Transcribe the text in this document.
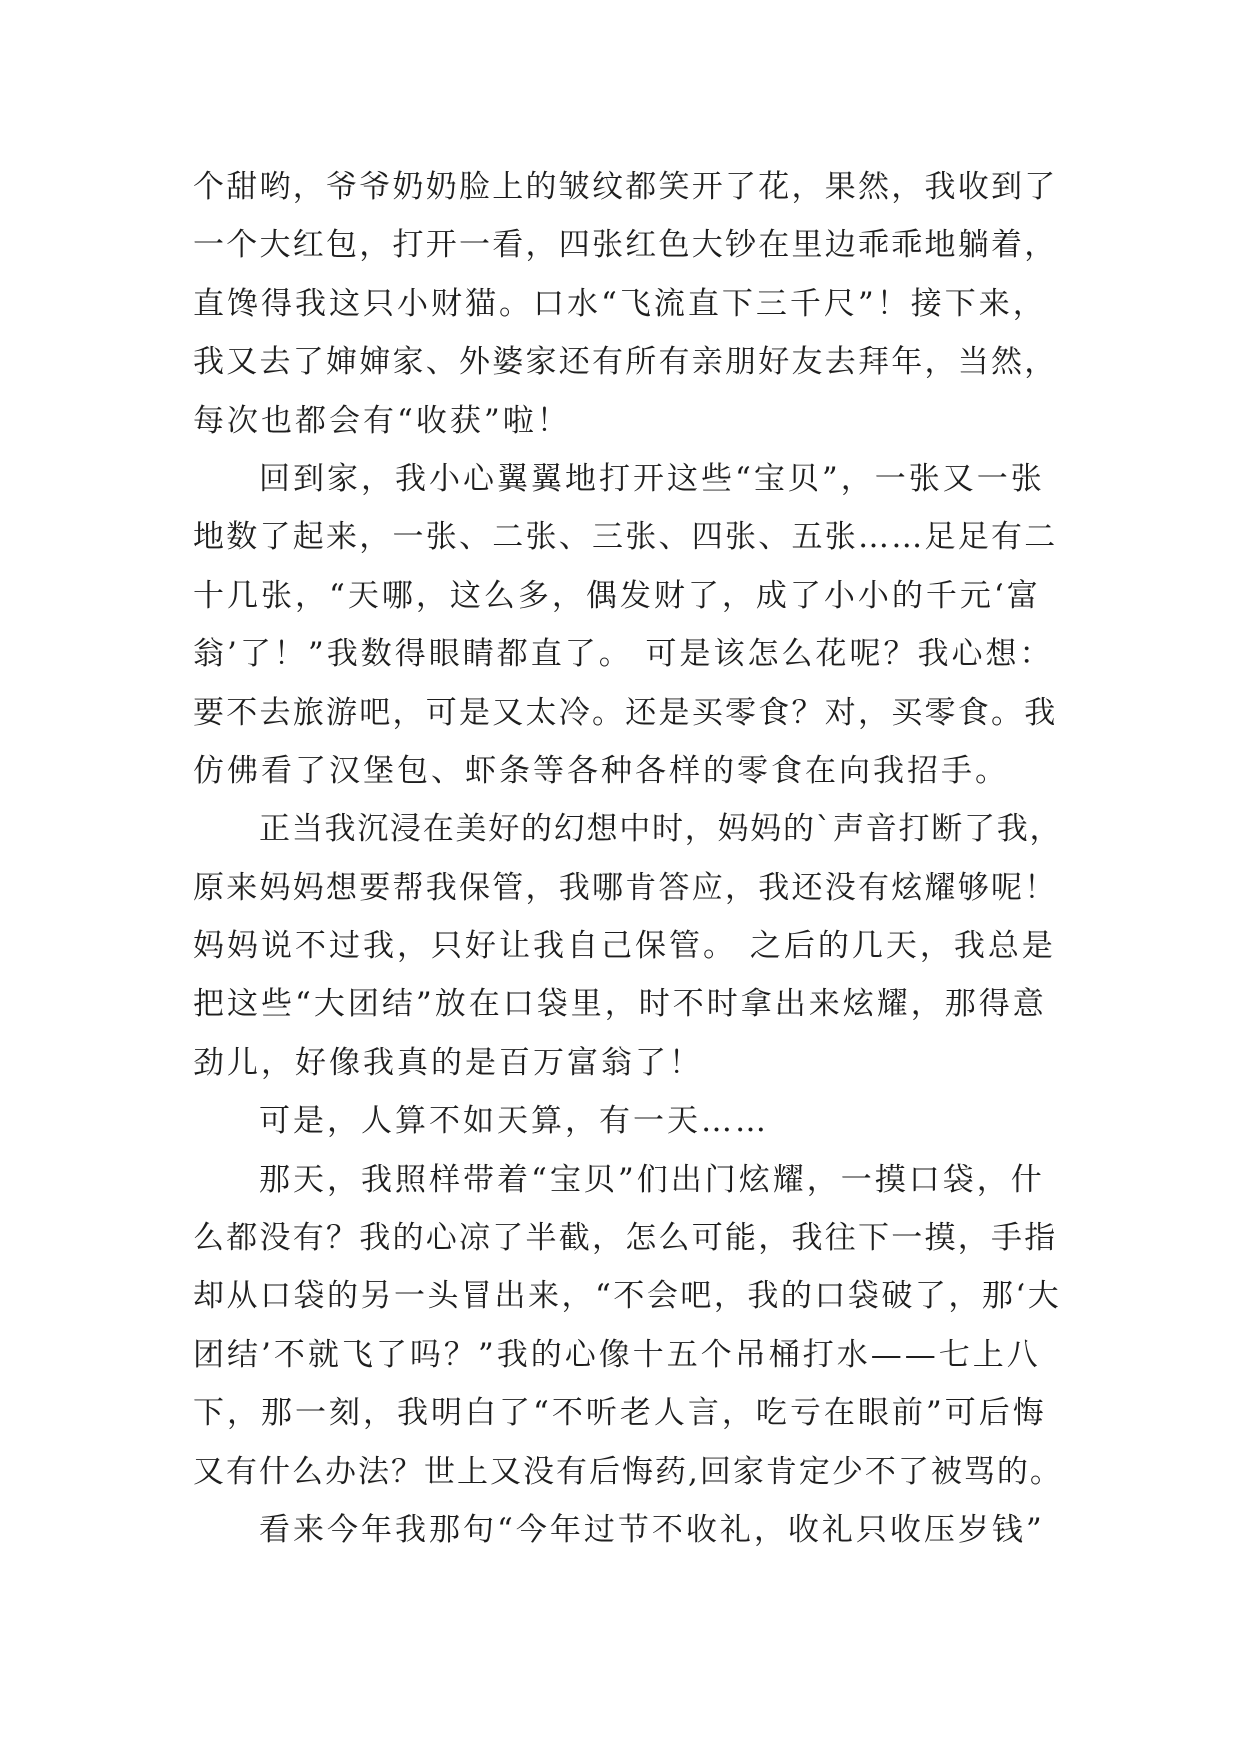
个甜哟，爷爷奶奶脸上的皱纹都笑开了花，果然，我收到了
一个大红包，打开一看，四张红色大钞在里边乖乖地躺着，
直馋得我这只小财猫。口水“飞流直下三千尺”！接下来，
我又去了婶婶家、外婆家还有所有亲朋好友去拜年，当然，
每次也都会有“收获”啦！
回到家，我小心翼翼地打开这些“宝贝”，一张又一张
地数了起来，一张、二张、三张、四张、五张……足足有二
十几张，“天哪，这么多，偶发财了，成了小小的千元‘富
翁’了！”我数得眼睛都直了。 可是该怎么花呢？我心想：
要不去旅游吧，可是又太冷。还是买零食？对，买零食。我
仿佛看了汉堡包、虾条等各种各样的零食在向我招手。
正当我沉浸在美好的幻想中时，妈妈的`声音打断了我，
原来妈妈想要帮我保管，我哪肯答应，我还没有炫耀够呢！
妈妈说不过我，只好让我自己保管。 之后的几天，我总是
把这些“大团结”放在口袋里，时不时拿出来炫耀，那得意
劲儿，好像我真的是百万富翁了！
可是，人算不如天算，有一天……
那天，我照样带着“宝贝”们出门炫耀，一摸口袋，什
么都没有？我的心凉了半截，怎么可能，我往下一摸，手指
却从口袋的另一头冒出来，“不会吧，我的口袋破了，那‘大
团结’不就飞了吗？”我的心像十五个吊桶打水——七上八
下，那一刻，我明白了“不听老人言，吃亏在眼前”可后悔
又有什么办法？世上又没有后悔药,回家肯定少不了被骂的。
看来今年我那句“今年过节不收礼，收礼只收压岁钱”
